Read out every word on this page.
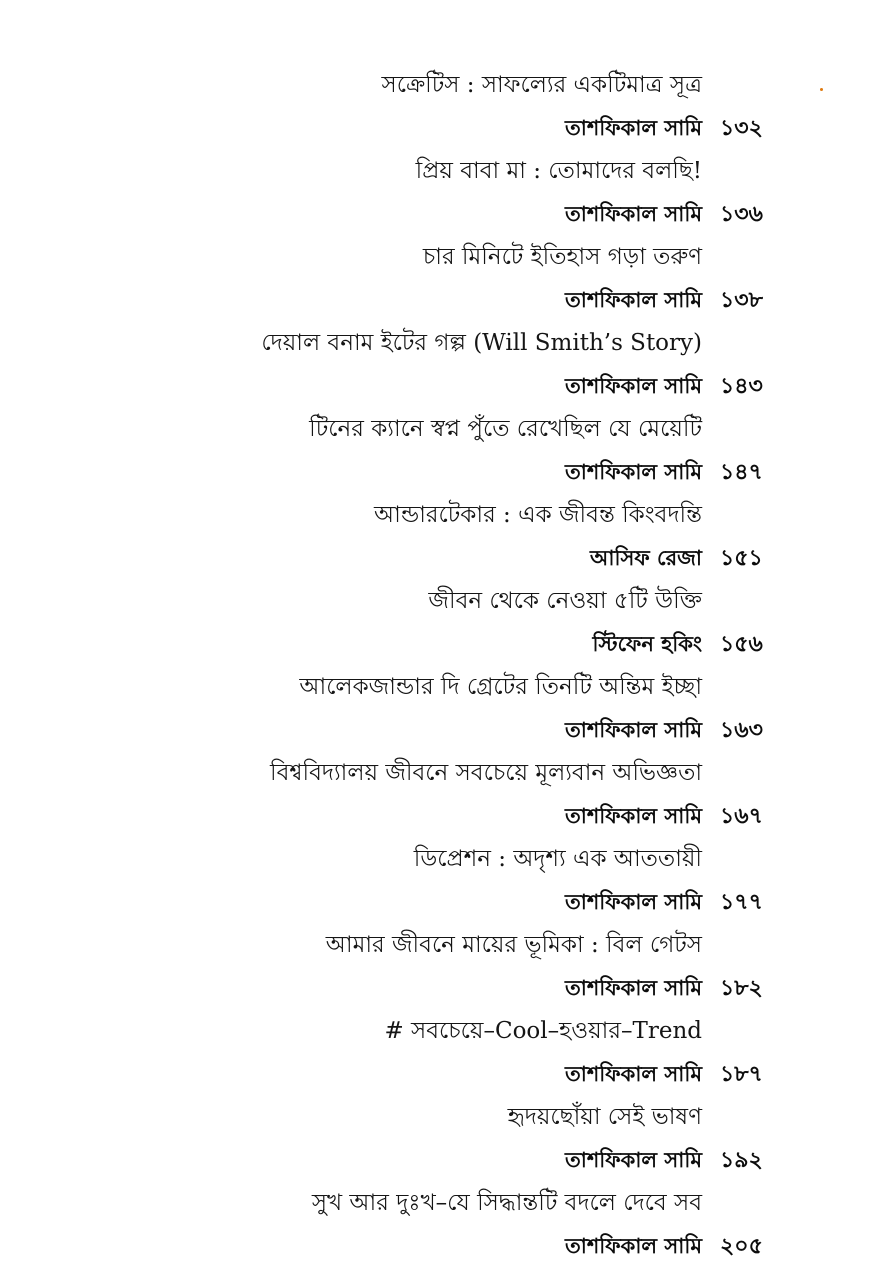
সক্রেটিস : সাফল্যের একটিমাত্র সূত্র
তাশফিকাল সামি ১৩২
প্রিয় বাবা মা : তোমাদের বলছি!
তাশফিকাল সামি ১৩৬
চার মিনিটে ইতিহাস গড়া তরুণ
তাশফিকাল সামি ১৩৮
দেয়াল বনাম ইটের গল্প (Will Smith’s Story)
তাশফিকাল সামি ১৪৩
টিনের ক্যানে স্বপ্ন পুঁতে রেখেছিল যে মেয়েটি
তাশফিকাল সামি ১৪৭
আন্ডারটেকার : এক জীবন্ত কিংবদন্তি
আসিফ রেজা ১৫১
জীবন থেকে নেওয়া ৫টি উক্তি
স্টিফেন হকিং ১৫৬
আলেকজান্ডার দি গ্রেটের তিনটি অন্তিম ইচ্ছা
তাশফিকাল সামি ১৬৩
বিশ্ববিদ্যালয় জীবনে সবচেয়ে মূল্যবান অভিজ্ঞতা
তাশফিকাল সামি ১৬৭
ডিপ্রেশন : অদৃশ্য এক আততায়ী
তাশফিকাল সামি ১৭৭
আমার জীবনে মায়ের ভূমিকা : বিল গেটস
তাশফিকাল সামি ১৮২
# সবচেয়ে–Cool–হওয়ার–Trend
তাশফিকাল সামি ১৮৭
হৃদয়ছোঁয়া সেই ভাষণ
তাশফিকাল সামি ১৯২
সুখ আর দুঃখ–যে সিদ্ধান্তটি বদলে দেবে সব
তাশফিকাল সামি ২০৫
